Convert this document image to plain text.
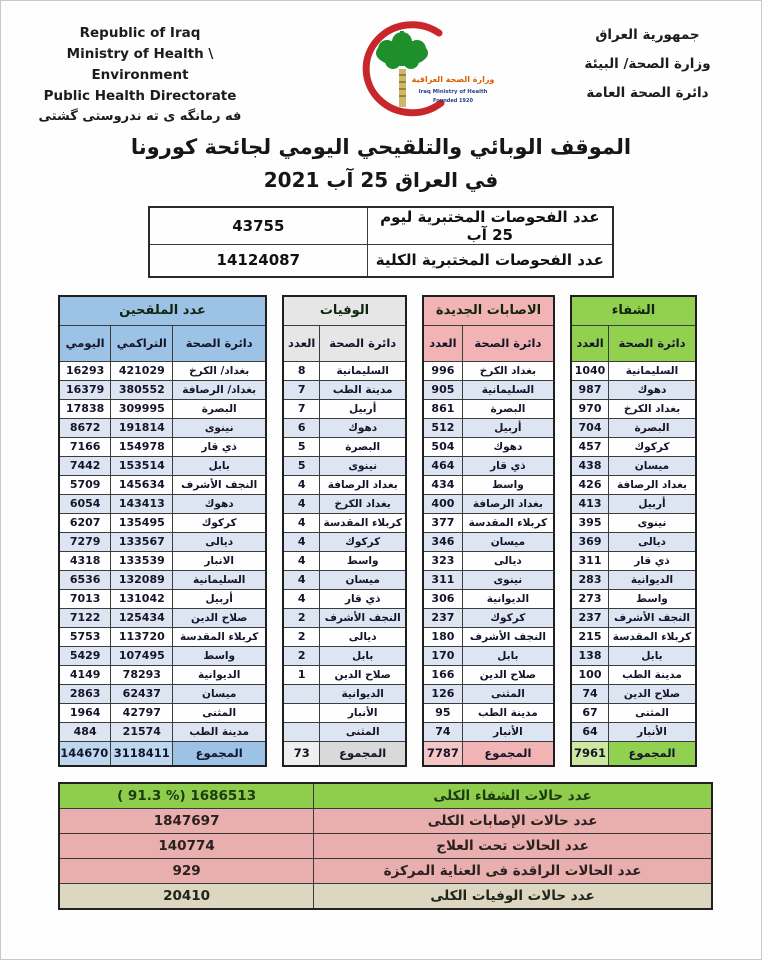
Republic of Iraq
Ministry of Health \ Environment
Public Health Directorate
فه رمانگه ى ته ندروستى گشتى
وزارة الصحة العراقية
Iraq Ministry of Health
Founded 1920
جمهورية العراق
وزارة الصحة/ البيئة
دائرة الصحة العامة
الموقف الوبائي والتلقيحي اليومي لجائحة كورونا
في العراق 25 آب 2021
عدد الفحوصات المختبرية ليوم 25 آب	43755
عدد الفحوصات المختبرية الكلية	14124087
عدد الملقحين		
دائرة الصحة	التراكمي	اليومي
بغداد/ الكرخ	421029	16293
بغداد/ الرصافة	380552	16379
البصرة	309995	17838
نينوى	191814	8672
ذي قار	154978	7166
بابل	153514	7442
النجف الأشرف	145634	5709
دهوك	143413	6054
كركوك	135495	6207
ديالى	133567	7279
الانبار	133539	4318
السليمانية	132089	6536
أربيل	131042	7013
صلاح الدين	125434	7122
كربلاء المقدسة	113720	5753
واسط	107495	5429
الديوانية	78293	4149
ميسان	62437	2863
المثنى	42797	1964
مدينة الطب	21574	484
المجموع	3118411	144670
الوفيات	
دائرة الصحة	العدد
السليمانية	8
مدينة الطب	7
أربيل	7
دهوك	6
البصرة	5
نينوى	5
بغداد الرصافة	4
بغداد الكرخ	4
كربلاء المقدسة	4
كركوك	4
واسط	4
ميسان	4
ذي قار	4
النجف الأشرف	2
ديالى	2
بابل	2
صلاح الدين	1
الديوانية	
الأنبار	
المثنى	
المجموع	73
الاصابات الجديدة	
دائرة الصحة	العدد
بغداد الكرخ	996
السليمانية	905
البصرة	861
أربيل	512
دهوك	504
ذي قار	464
واسط	434
بغداد الرصافة	400
كربلاء المقدسة	377
ميسان	346
ديالى	323
نينوى	311
الديوانية	306
كركوك	237
النجف الأشرف	180
بابل	170
صلاح الدين	166
المثنى	126
مدينة الطب	95
الأنبار	74
المجموع	7787
الشفاء	
دائرة الصحة	العدد
السليمانية	1040
دهوك	987
بغداد الكرخ	970
البصرة	704
كركوك	457
ميسان	438
بغداد الرصافة	426
أربيل	413
نينوى	395
ديالى	369
ذي قار	311
الديوانية	283
واسط	273
النجف الأشرف	237
كربلاء المقدسة	215
بابل	138
مدينة الطب	100
صلاح الدين	74
المثنى	67
الأنبار	64
المجموع	7961
عدد حالات الشفاء الكلى	( 91.3 %) 1686513
عدد حالات الإصابات الكلى	1847697
عدد الحالات تحت العلاج	140774
عدد الحالات الراقدة فى العناية المركزة	929
عدد حالات الوفيات الكلى	20410
